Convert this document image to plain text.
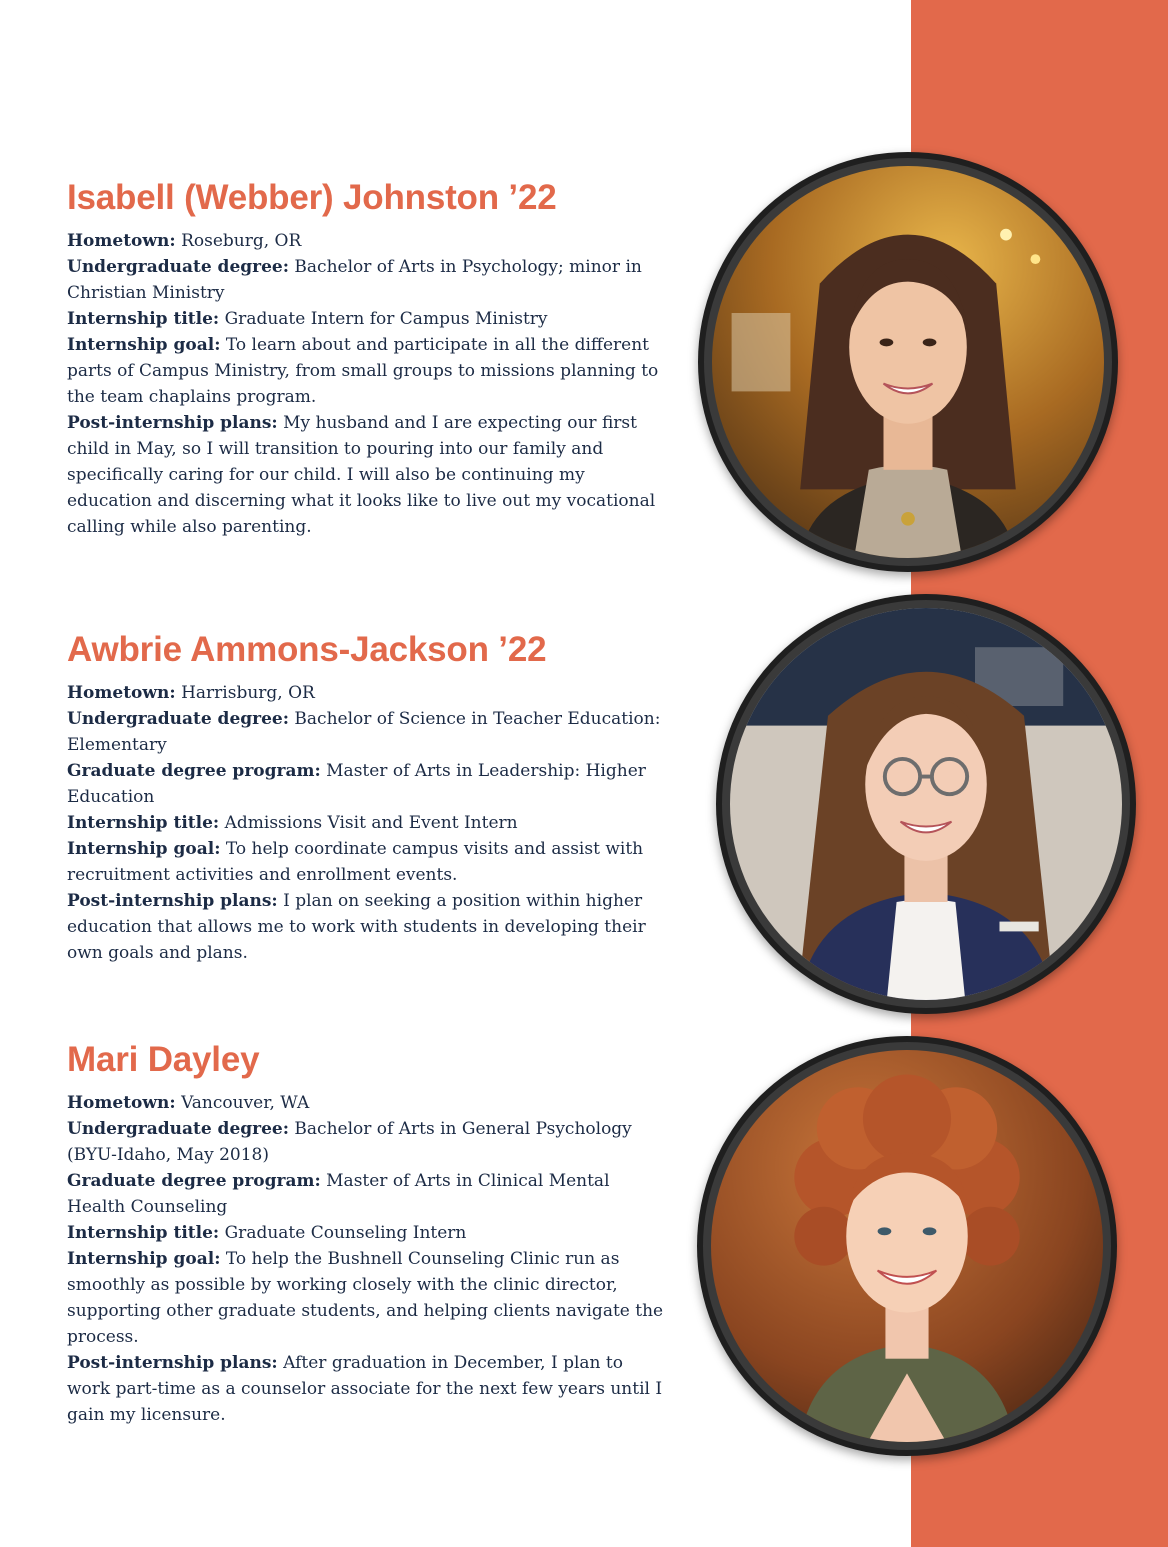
Isabell (Webber) Johnston ’22

Hometown: Roseburg, OR
Undergraduate degree: Bachelor of Arts in Psychology; minor in Christian Ministry
Internship title: Graduate Intern for Campus Ministry
Internship goal: To learn about and participate in all the different parts of Campus Ministry, from small groups to missions planning to the team chaplains program.
Post-internship plans: My husband and I are expecting our first child in May, so I will transition to pouring into our family and specifically caring for our child. I will also be continuing my education and discerning what it looks like to live out my vocational calling while also parenting.

Awbrie Ammons-Jackson ’22

Hometown: Harrisburg, OR
Undergraduate degree: Bachelor of Science in Teacher Education: Elementary
Graduate degree program: Master of Arts in Leadership: Higher Education
Internship title: Admissions Visit and Event Intern
Internship goal: To help coordinate campus visits and assist with recruitment activities and enrollment events.
Post-internship plans: I plan on seeking a position within higher education that allows me to work with students in developing their own goals and plans.

Mari Dayley

Hometown: Vancouver, WA
Undergraduate degree: Bachelor of Arts in General Psychology (BYU-Idaho, May 2018)
Graduate degree program: Master of Arts in Clinical Mental Health Counseling
Internship title: Graduate Counseling Intern
Internship goal: To help the Bushnell Counseling Clinic run as smoothly as possible by working closely with the clinic director, supporting other graduate students, and helping clients navigate the process.
Post-internship plans: After graduation in December, I plan to work part-time as a counselor associate for the next few years until I gain my licensure.
